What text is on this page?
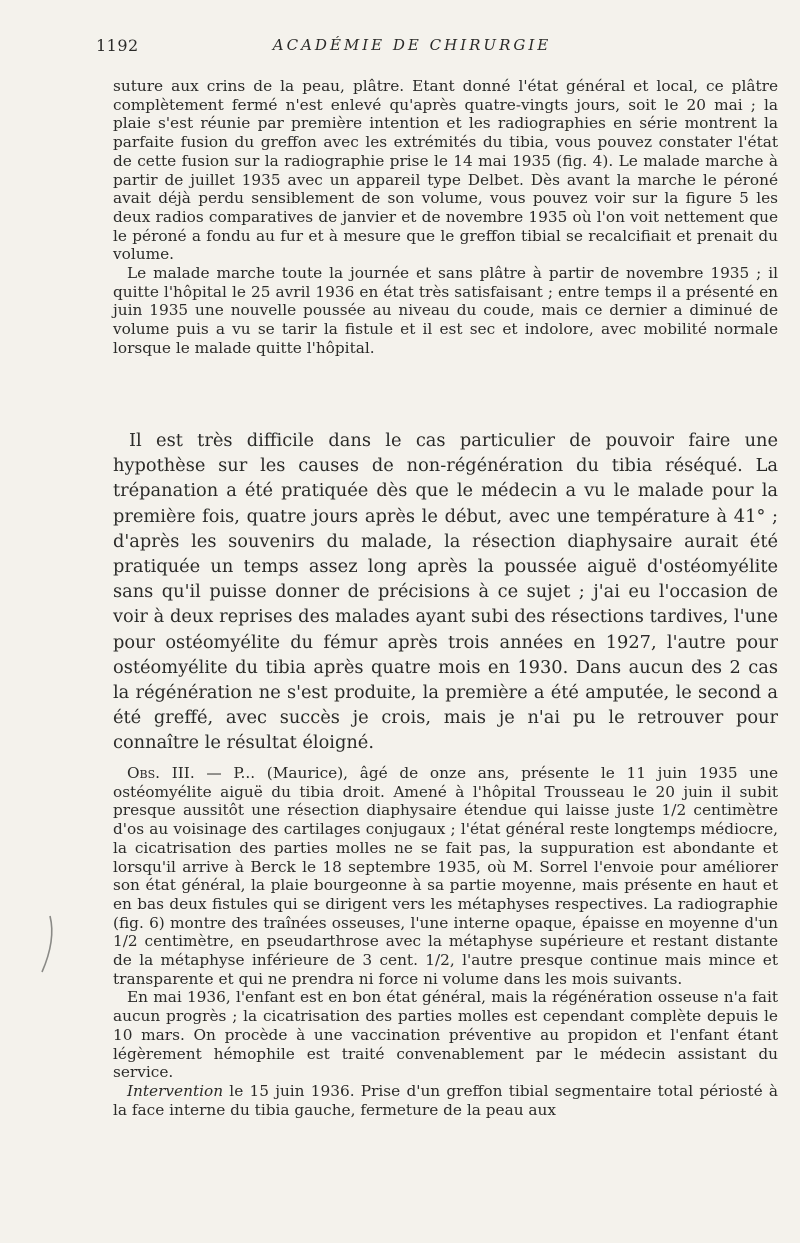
1192	ACADÉMIE DE CHIRURGIE

suture aux crins de la peau, plâtre. Etant donné l'état général et local, ce plâtre complètement fermé n'est enlevé qu'après quatre-vingts jours, soit le 20 mai ; la plaie s'est réunie par première intention et les radiographies en série montrent la parfaite fusion du greffon avec les extrémités du tibia, vous pouvez constater l'état de cette fusion sur la radiographie prise le 14 mai 1935 (fig. 4). Le malade marche à partir de juillet 1935 avec un appareil type Delbet. Dès avant la marche le péroné avait déjà perdu sensiblement de son volume, vous pouvez voir sur la figure 5 les deux radios comparatives de janvier et de novembre 1935 où l'on voit nettement que le péroné a fondu au fur et à mesure que le greffon tibial se recalcifiait et prenait du volume.

Le malade marche toute la journée et sans plâtre à partir de novembre 1935 ; il quitte l'hôpital le 25 avril 1936 en état très satisfaisant ; entre temps il a présenté en juin 1935 une nouvelle poussée au niveau du coude, mais ce dernier a diminué de volume puis a vu se tarir la fistule et il est sec et indolore, avec mobilité normale lorsque le malade quitte l'hôpital.

Il est très difficile dans le cas particulier de pouvoir faire une hypothèse sur les causes de non-régénération du tibia réséqué. La trépanation a été pratiquée dès que le médecin a vu le malade pour la première fois, quatre jours après le début, avec une température à 41° ; d'après les souvenirs du malade, la résection diaphysaire aurait été pratiquée un temps assez long après la poussée aiguë d'ostéomyélite sans qu'il puisse donner de précisions à ce sujet ; j'ai eu l'occasion de voir à deux reprises des malades ayant subi des résections tardives, l'une pour ostéomyélite du fémur après trois années en 1927, l'autre pour ostéomyélite du tibia après quatre mois en 1930. Dans aucun des 2 cas la régénération ne s'est produite, la première a été amputée, le second a été greffé, avec succès je crois, mais je n'ai pu le retrouver pour connaître le résultat éloigné.

Obs. III. — P... (Maurice), âgé de onze ans, présente le 11 juin 1935 une ostéomyélite aiguë du tibia droit. Amené à l'hôpital Trousseau le 20 juin il subit presque aussitôt une résection diaphysaire étendue qui laisse juste 1/2 centimètre d'os au voisinage des cartilages conjugaux ; l'état général reste longtemps médiocre, la cicatrisation des parties molles ne se fait pas, la suppuration est abondante et lorsqu'il arrive à Berck le 18 septembre 1935, où M. Sorrel l'envoie pour améliorer son état général, la plaie bourgeonne à sa partie moyenne, mais présente en haut et en bas deux fistules qui se dirigent vers les métaphyses respectives. La radiographie (fig. 6) montre des traînées osseuses, l'une interne opaque, épaisse en moyenne d'un 1/2 centimètre, en pseudarthrose avec la métaphyse supérieure et restant distante de la métaphyse inférieure de 3 cent. 1/2, l'autre presque continue mais mince et transparente et qui ne prendra ni force ni volume dans les mois suivants.

En mai 1936, l'enfant est en bon état général, mais la régénération osseuse n'a fait aucun progrès ; la cicatrisation des parties molles est cependant complète depuis le 10 mars. On procède à une vaccination préventive au propidon et l'enfant étant légèrement hémophile est traité convenablement par le médecin assistant du service.

Intervention le 15 juin 1936. Prise d'un greffon tibial segmentaire total périosté à la face interne du tibia gauche, fermeture de la peau aux
